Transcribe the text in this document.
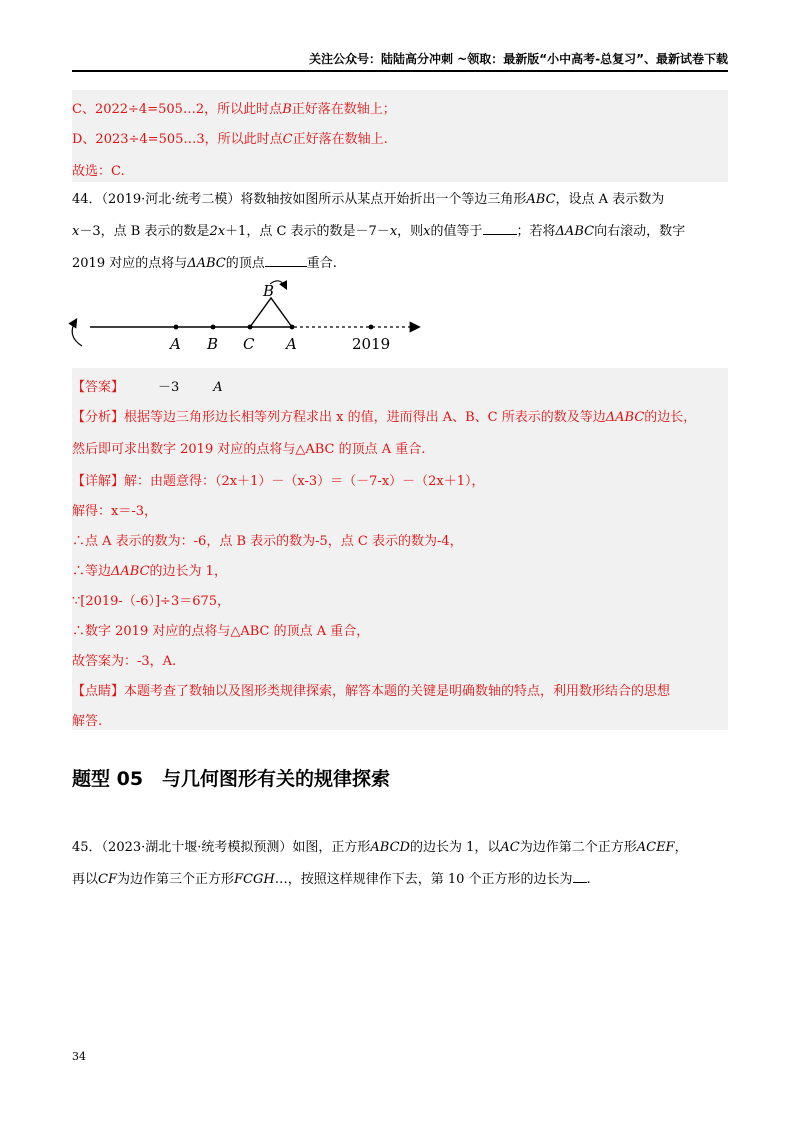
关注公众号：陆陆高分冲刺 ~领取：最新版“小中高考-总复习”、最新试卷下载
C、2022÷4=505…2，所以此时点B正好落在数轴上；
D、2023÷4=505…3，所以此时点C正好落在数轴上.
故选：C.
44．（2019·河北·统考二模）将数轴按如图所示从某点开始折出一个等边三角形ABC，设点 A 表示数为
x－3，点 B 表示的数是2x＋1，点 C 表示的数是－7－x，则x的值等于	；若将ΔABC向右滚动，数字
2019 对应的点将与ΔABC的顶点	重合.
B
A B C A	2019
【答案】	－3	A
【分析】根据等边三角形边长相等列方程求出 x 的值，进而得出 A、B、C 所表示的数及等边ΔABC的边长，
然后即可求出数字 2019 对应的点将与△ABC 的顶点 A 重合.
【详解】解：由题意得：（2x＋1）－（x-3）＝（－7-x）－（2x＋1），
解得：x＝-3，
∴点 A 表示的数为：-6，点 B 表示的数为-5，点 C 表示的数为-4，
∴等边ΔABC的边长为 1，
∵[2019-（-6）]÷3＝675，
∴数字 2019 对应的点将与△ABC 的顶点 A 重合，
故答案为：-3，A.
【点睛】本题考查了数轴以及图形类规律探索，解答本题的关键是明确数轴的特点，利用数形结合的思想
解答.
题型 05　与几何图形有关的规律探索
45．（2023·湖北十堰·统考模拟预测）如图，正方形ABCD的边长为 1，以AC为边作第二个正方形ACEF，
再以CF为边作第三个正方形FCGH…，按照这样规律作下去，第 10 个正方形的边长为 .
34
